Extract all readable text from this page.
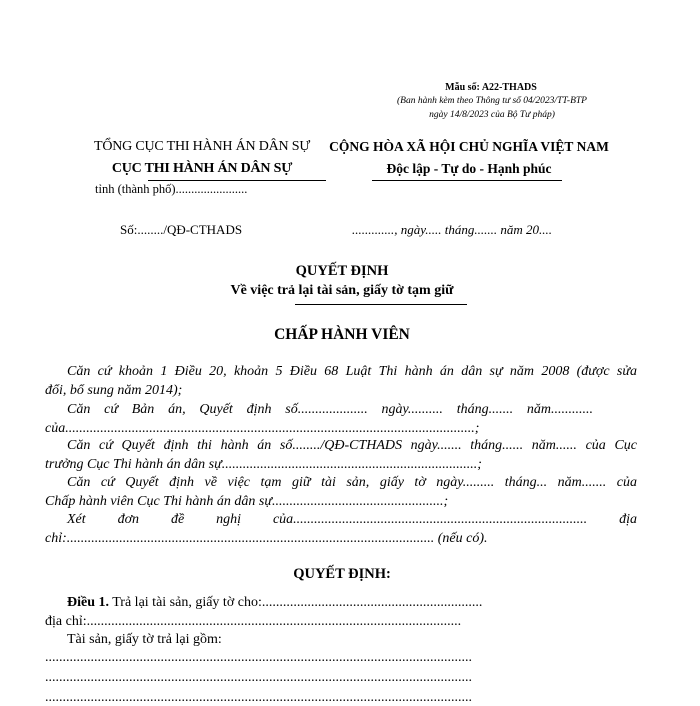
Mẫu số: A22-THADS
(Ban hành kèm theo Thông tư số 04/2023/TT-BTP
ngày 14/8/2023 của Bộ Tư pháp)
TỔNG CỤC THI HÀNH ÁN DÂN SỰ
CỤC THI HÀNH ÁN DÂN SỰ
tỉnh (thành phố).......................
CỘNG HÒA XÃ HỘI CHỦ NGHĨA VIỆT NAM
Độc lập - Tự do - Hạnh phúc
Số:......../QĐ-CTHADS	............., ngày..... tháng....... năm 20....
QUYẾT ĐỊNH
Về việc trả lại tài sản, giấy tờ tạm giữ
CHẤP HÀNH VIÊN
Căn cứ khoản 1 Điều 20, khoản 5 Điều 68 Luật Thi hành án dân sự năm 2008 (được sửa
đổi, bổ sung năm 2014);
Căn cứ Bản án, Quyết định số.................... ngày.......... tháng....... năm............
của.....................................................................................................................;
Căn cứ Quyết định thi hành án số......../QĐ-CTHADS ngày....... tháng...... năm...... của Cục
trưởng Cục Thi hành án dân sự.........................................................................;
Căn cứ Quyết định về việc tạm giữ tài sản, giấy tờ ngày......... tháng... năm....... của
Chấp hành viên Cục Thi hành án dân sự.................................................;
Xét đơn đề nghị của.................................................................................... địa
chỉ:......................................................................................................... (nếu có).
QUYẾT ĐỊNH:
Điều 1. Trả lại tài sản, giấy tờ cho:...............................................................
địa chỉ:...........................................................................................................
Tài sản, giấy tờ trả lại gồm:
..........................................................................................................................
..........................................................................................................................
..........................................................................................................................
